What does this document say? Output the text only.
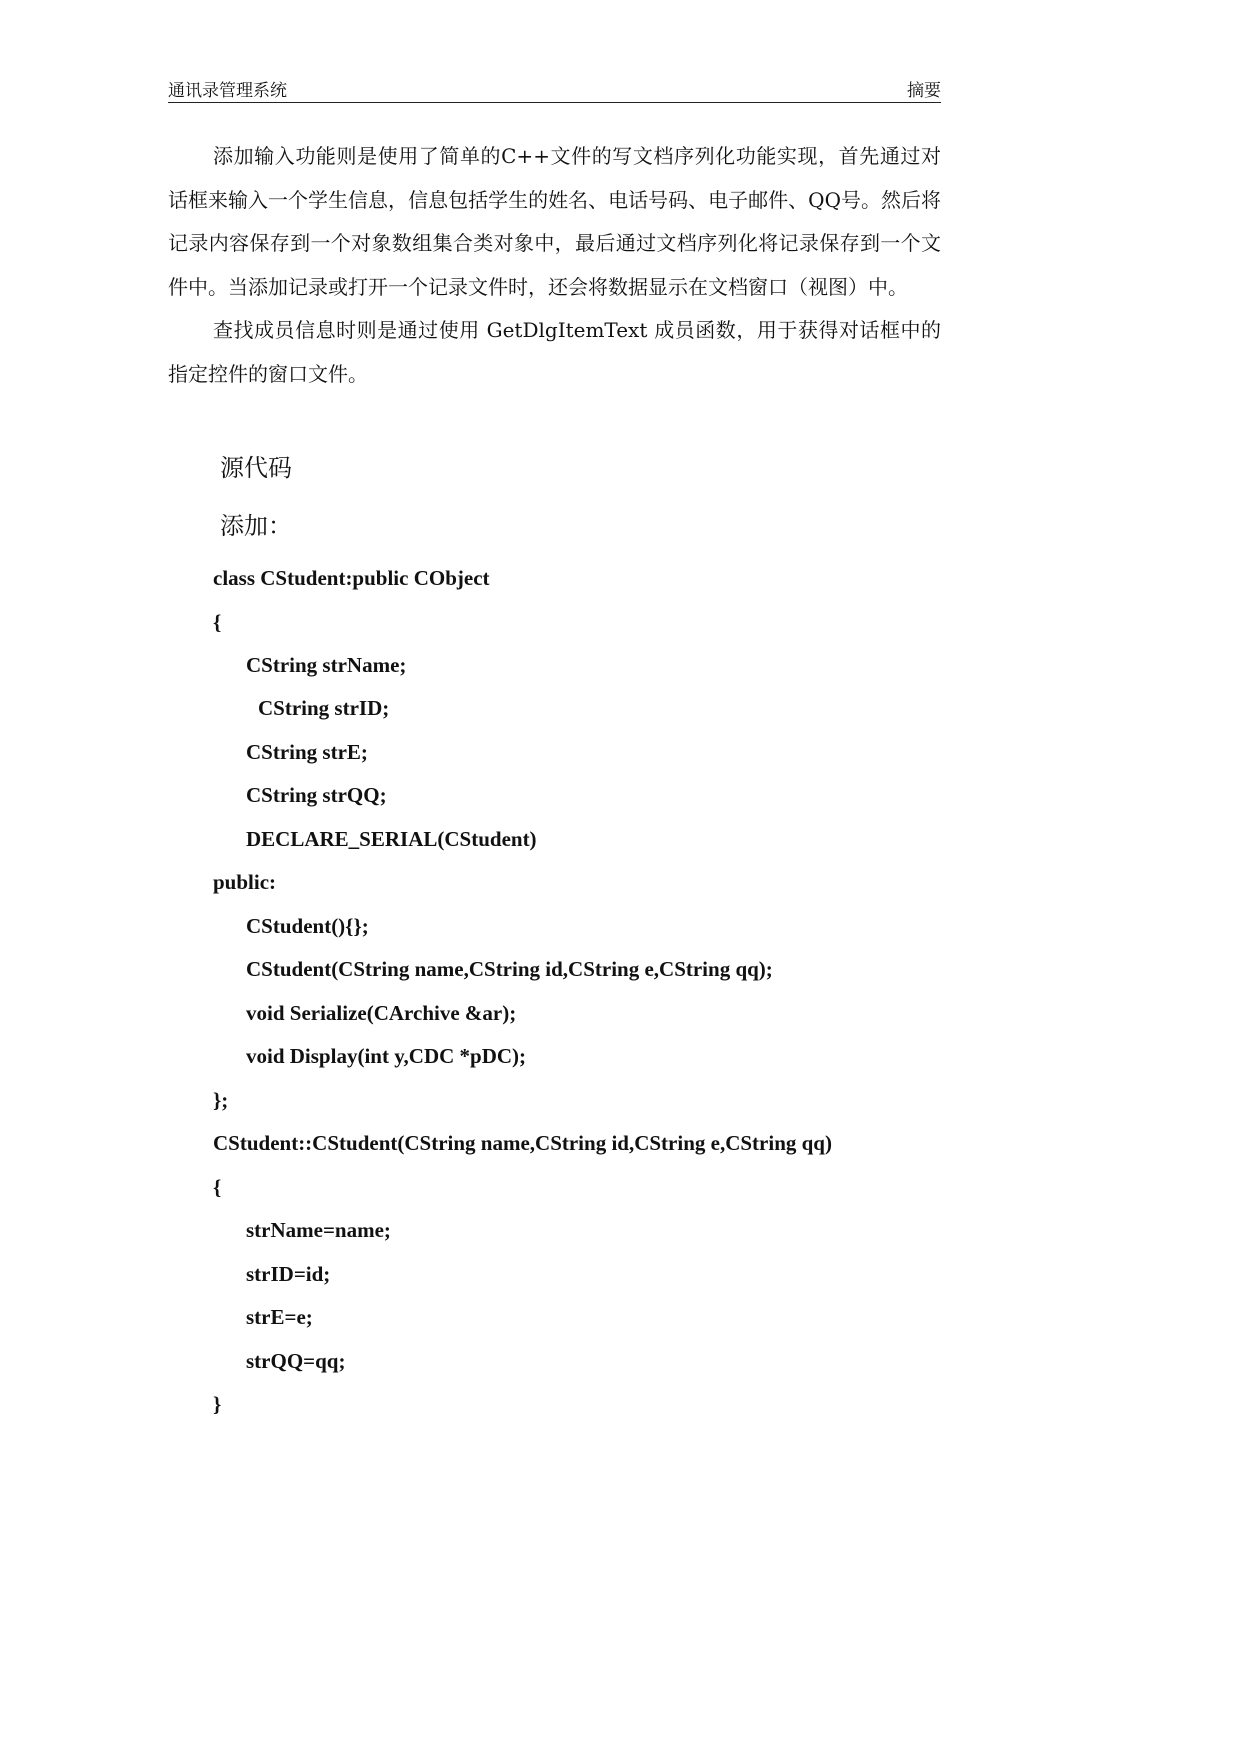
通讯录管理系统	摘要

添加输入功能则是使用了简单的C++文件的写文档序列化功能实现，首先通过对话框来输入一个学生信息，信息包括学生的姓名、电话号码、电子邮件、QQ号。然后将记录内容保存到一个对象数组集合类对象中，最后通过文档序列化将记录保存到一个文件中。当添加记录或打开一个记录文件时，还会将数据显示在文档窗口（视图）中。

查找成员信息时则是通过使用 GetDlgItemText 成员函数，用于获得对话框中的指定控件的窗口文件。

源代码
添加：
class CStudent:public CObject
{
CString strName;
CString strID;
CString strE;
CString strQQ;
DECLARE_SERIAL(CStudent)
public:
CStudent(){};
CStudent(CString name,CString id,CString e,CString qq);
void Serialize(CArchive &ar);
void Display(int y,CDC *pDC);
};
CStudent::CStudent(CString name,CString id,CString e,CString qq)
{
strName=name;
strID=id;
strE=e;
strQQ=qq;
}
